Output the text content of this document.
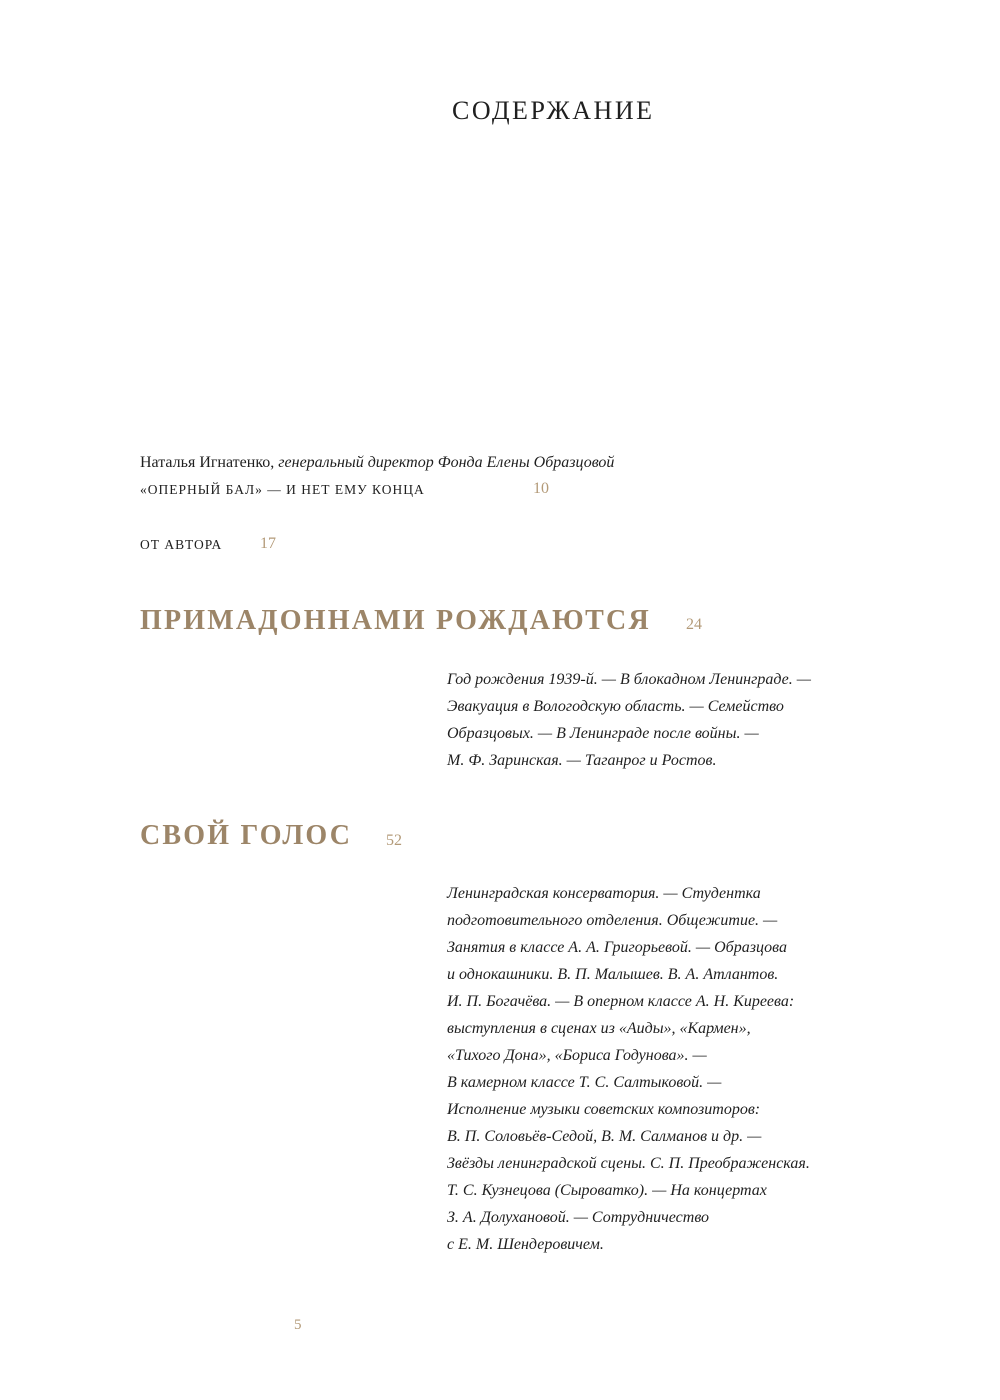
СОДЕРЖАНИЕ
Наталья Игнатенко, генеральный директор Фонда Елены Образцовой
«ОПЕРНЫЙ БАЛ» — И НЕТ ЕМУ КОНЦА	10
ОТ АВТОРА 17
ПРИМАДОННАМИ РОЖДАЮТСЯ 24
Год рождения 1939-й. — В блокадном Ленинграде. —
Эвакуация в Вологодскую область. — Семейство
Образцовых. — В Ленинграде после войны. —
М. Ф. Заринская. — Таганрог и Ростов.
СВОЙ ГОЛОС 52
Ленинградская консерватория. — Студентка
подготовительного отделения. Общежитие. —
Занятия в классе А. А. Григорьевой. — Образцова
и однокашники. В. П. Малышев. В. А. Атлантов.
И. П. Богачёва. — В оперном классе А. Н. Киреева:
выступления в сценах из «Аиды», «Кармен»,
«Тихого Дона», «Бориса Годунова». —
В камерном классе Т. С. Салтыковой. —
Исполнение музыки советских композиторов:
В. П. Соловьёв-Седой, В. М. Салманов и др. —
Звёзды ленинградской сцены. С. П. Преображенская.
Т. С. Кузнецова (Сыроватко). — На концертах
З. А. Долухановой. — Сотрудничество
с Е. М. Шендеровичем.
5
